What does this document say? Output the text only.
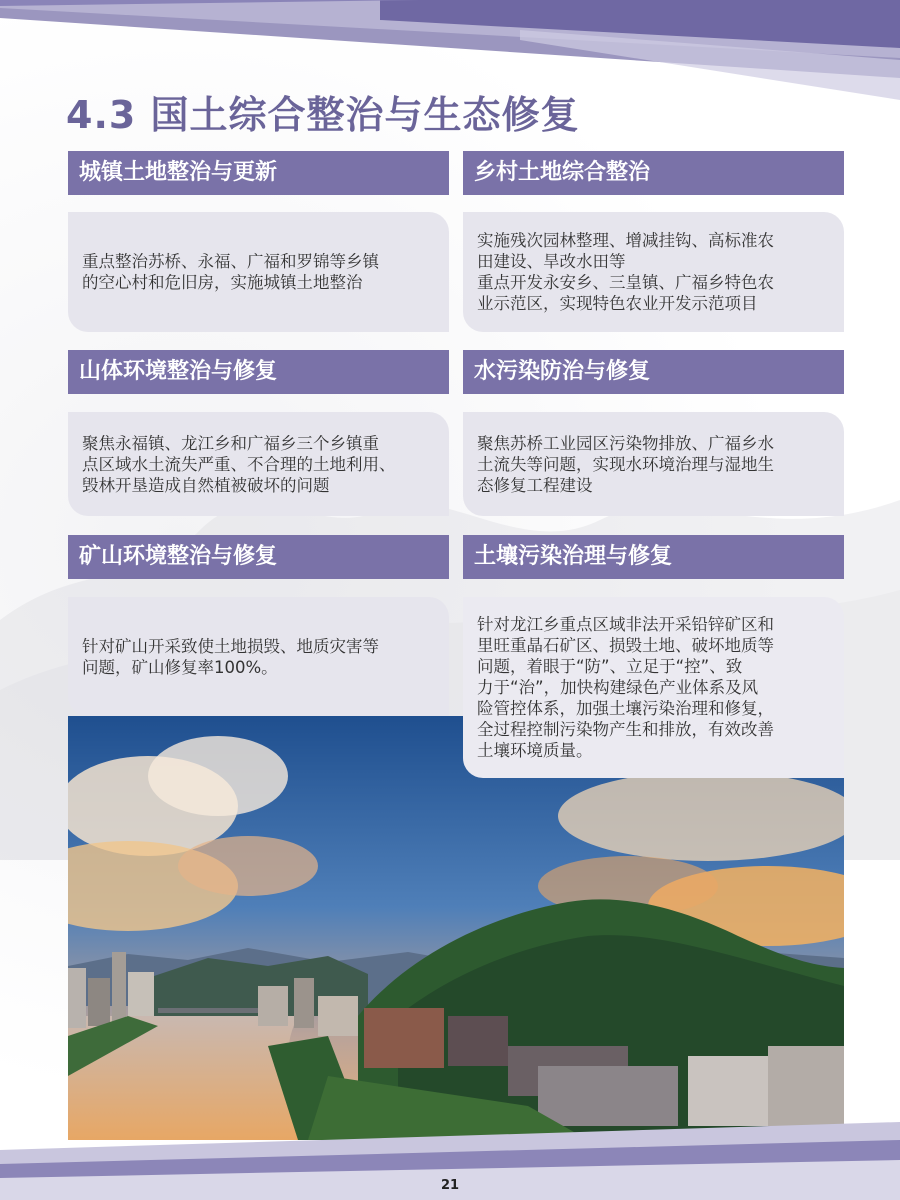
4.3 国土综合整治与生态修复
城镇土地整治与更新	乡村土地综合整治

重点整治苏桥、永福、广福和罗锦等乡镇
的空心村和危旧房，实施城镇土地整治

实施残次园林整理、增减挂钩、高标准农
田建设、旱改水田等
重点开发永安乡、三皇镇、广福乡特色农
业示范区，实现特色农业开发示范项目

山体环境整治与修复	水污染防治与修复

聚焦永福镇、龙江乡和广福乡三个乡镇重
点区域水土流失严重、不合理的土地利用、
毁林开垦造成自然植被破坏的问题

聚焦苏桥工业园区污染物排放、广福乡水
土流失等问题，实现水环境治理与湿地生
态修复工程建设

矿山环境整治与修复	土壤污染治理与修复

针对矿山开采致使土地损毁、地质灾害等
问题，矿山修复率100%。

针对龙江乡重点区域非法开采铅锌矿区和
里旺重晶石矿区、损毁土地、破坏地质等
问题，着眼于“防”、立足于“控”、致
力于“治”，加快构建绿色产业体系及风
险管控体系，加强土壤污染治理和修复，
全过程控制污染物产生和排放，有效改善
土壤环境质量。

21
